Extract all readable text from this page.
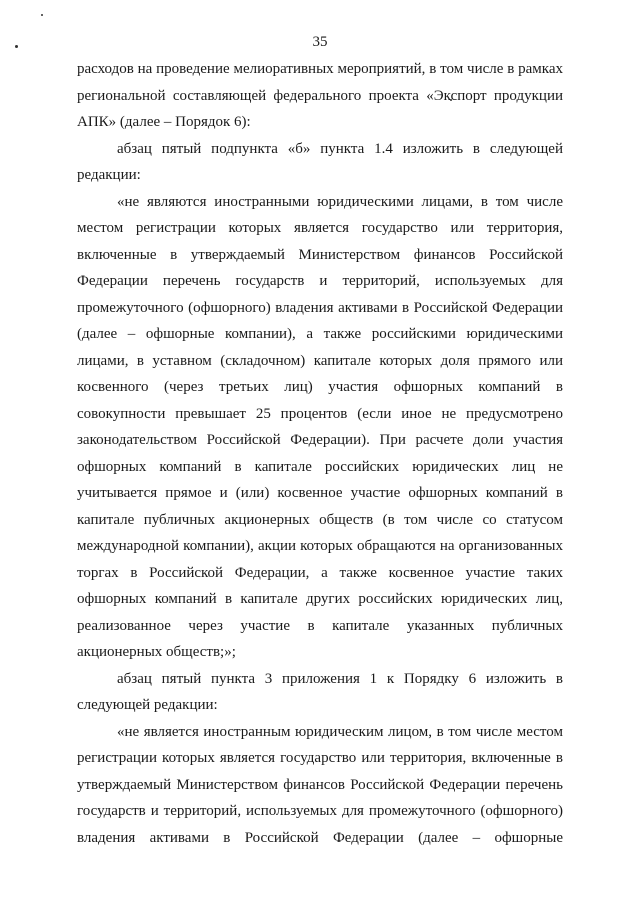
35

расходов на проведение мелиоративных мероприятий, в том числе в рамках региональной составляющей федерального проекта «Экспорт продукции АПК» (далее – Порядок 6):

абзац пятый подпункта «б» пункта 1.4 изложить в следующей редакции:

«не являются иностранными юридическими лицами, в том числе местом регистрации которых является государство или территория, включенные в утверждаемый Министерством финансов Российской Федерации перечень государств и территорий, используемых для промежуточного (офшорного) владения активами в Российской Федерации (далее – офшорные компании), а также российскими юридическими лицами, в уставном (складочном) капитале которых доля прямого или косвенного (через третьих лиц) участия офшорных компаний в совокупности превышает 25 процентов (если иное не предусмотрено законодательством Российской Федерации). При расчете доли участия офшорных компаний в капитале российских юридических лиц не учитывается прямое и (или) косвенное участие офшорных компаний в капитале публичных акционерных обществ (в том числе со статусом международной компании), акции которых обращаются на организованных торгах в Российской Федерации, а также косвенное участие таких офшорных компаний в капитале других российских юридических лиц, реализованное через участие в капитале указанных публичных акционерных обществ;»;

абзац пятый пункта 3 приложения 1 к Порядку 6 изложить в следующей редакции:

«не является иностранным юридическим лицом, в том числе местом регистрации которых является государство или территория, включенные в утверждаемый Министерством финансов Российской Федерации перечень государств и территорий, используемых для промежуточного (офшорного) владения активами в Российской Федерации (далее – офшорные
